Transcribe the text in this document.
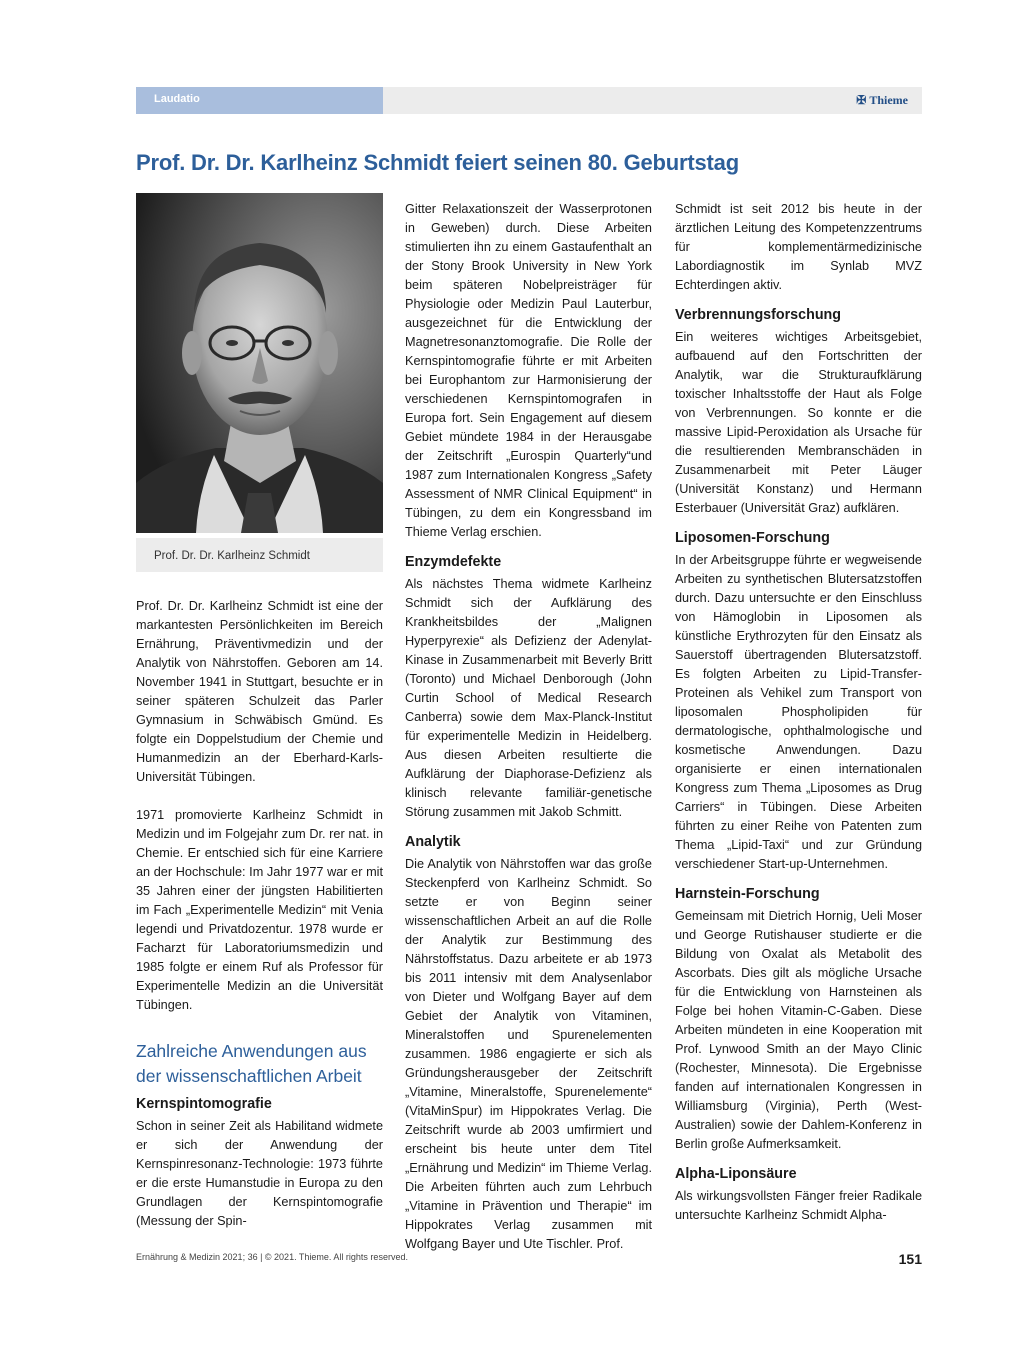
Laudatio	✠ Thieme
Prof. Dr. Dr. Karlheinz Schmidt feiert seinen 80. Geburtstag
Prof. Dr. Dr. Karlheinz Schmidt

Prof. Dr. Dr. Karlheinz Schmidt ist eine der markantesten Persönlichkeiten im Bereich Ernährung, Präventivmedizin und der Analytik von Nährstoffen. Geboren am 14. November 1941 in Stuttgart, besuchte er in seiner späteren Schulzeit das Parler Gymnasium in Schwäbisch Gmünd. Es folgte ein Doppelstudium der Chemie und Humanmedizin an der Eberhard-Karls-Universität Tübingen.

1971 promovierte Karlheinz Schmidt in Medizin und im Folgejahr zum Dr. rer nat. in Chemie. Er entschied sich für eine Karriere an der Hochschule: Im Jahr 1977 war er mit 35 Jahren einer der jüngsten Habilitierten im Fach „Experimentelle Medizin“ mit Venia legendi und Privatdozentur. 1978 wurde er Facharzt für Laboratoriumsmedizin und 1985 folgte er einem Ruf als Professor für Experimentelle Medizin an die Universität Tübingen.

Zahlreiche Anwendungen aus der wissenschaftlichen Arbeit
Kernspintomografie

Schon in seiner Zeit als Habilitand widmete er sich der Anwendung der Kernspinresonanz-Technologie: 1973 führte er die erste Humanstudie in Europa zu den Grundlagen der Kernspintomografie (Messung der Spin-

Gitter Relaxationszeit der Wasserprotonen in Geweben) durch. Diese Arbeiten stimulierten ihn zu einem Gastaufenthalt an der Stony Brook University in New York beim späteren Nobelpreisträger für Physiologie oder Medizin Paul Lauterbur, ausgezeichnet für die Entwicklung der Magnetresonanztomografie. Die Rolle der Kernspintomografie führte er mit Arbeiten bei Europhantom zur Harmonisierung der verschiedenen Kernspintomografen in Europa fort. Sein Engagement auf diesem Gebiet mündete 1984 in der Herausgabe der Zeitschrift „Eurospin Quarterly“und 1987 zum Internationalen Kongress „Safety Assessment of NMR Clinical Equipment“ in Tübingen, zu dem ein Kongressband im Thieme Verlag erschien.

Enzymdefekte

Als nächstes Thema widmete Karlheinz Schmidt sich der Aufklärung des Krankheitsbildes der „Malignen Hyperpyrexie“ als Defizienz der Adenylat-Kinase in Zusammenarbeit mit Beverly Britt (Toronto) und Michael Denborough (John Curtin School of Medical Research Canberra) sowie dem Max-Planck-Institut für experimentelle Medizin in Heidelberg. Aus diesen Arbeiten resultierte die Aufklärung der Diaphorase-Defizienz als klinisch relevante familiär-genetische Störung zusammen mit Jakob Schmitt.

Analytik

Die Analytik von Nährstoffen war das große Steckenpferd von Karlheinz Schmidt. So setzte er von Beginn seiner wissenschaftlichen Arbeit an auf die Rolle der Analytik zur Bestimmung des Nährstoffstatus. Dazu arbeitete er ab 1973 bis 2011 intensiv mit dem Analysenlabor von Dieter und Wolfgang Bayer auf dem Gebiet der Analytik von Vitaminen, Mineralstoffen und Spurenelementen zusammen. 1986 engagierte er sich als Gründungsherausgeber der Zeitschrift „Vitamine, Mineralstoffe, Spurenelemente“ (VitaMinSpur) im Hippokrates Verlag. Die Zeitschrift wurde ab 2003 umfirmiert und erscheint bis heute unter dem Titel „Ernährung und Medizin“ im Thieme Verlag. Die Arbeiten führten auch zum Lehrbuch „Vitamine in Prävention und Therapie“ im Hippokrates Verlag zusammen mit Wolfgang Bayer und Ute Tischler. Prof.

Schmidt ist seit 2012 bis heute in der ärztlichen Leitung des Kompetenzzentrums für komplementärmedizinische Labordiagnostik im Synlab MVZ Echterdingen aktiv.

Verbrennungsforschung

Ein weiteres wichtiges Arbeitsgebiet, aufbauend auf den Fortschritten der Analytik, war die Strukturaufklärung toxischer Inhaltsstoffe der Haut als Folge von Verbrennungen. So konnte er die massive Lipid-Peroxidation als Ursache für die resultierenden Membranschäden in Zusammenarbeit mit Peter Läuger (Universität Konstanz) und Hermann Esterbauer (Universität Graz) aufklären.

Liposomen-Forschung

In der Arbeitsgruppe führte er wegweisende Arbeiten zu synthetischen Blutersatzstoffen durch. Dazu untersuchte er den Einschluss von Hämoglobin in Liposomen als künstliche Erythrozyten für den Einsatz als Sauerstoff übertragenden Blutersatzstoff. Es folgten Arbeiten zu Lipid-Transfer-Proteinen als Vehikel zum Transport von liposomalen Phospholipiden für dermatologische, ophthalmologische und kosmetische Anwendungen. Dazu organisierte er einen internationalen Kongress zum Thema „Liposomes as Drug Carriers“ in Tübingen. Diese Arbeiten führten zu einer Reihe von Patenten zum Thema „Lipid-Taxi“ und zur Gründung verschiedener Start-up-Unternehmen.

Harnstein-Forschung

Gemeinsam mit Dietrich Hornig, Ueli Moser und George Rutishauser studierte er die Bildung von Oxalat als Metabolit des Ascorbats. Dies gilt als mögliche Ursache für die Entwicklung von Harnsteinen als Folge bei hohen Vitamin-C-Gaben. Diese Arbeiten mündeten in eine Kooperation mit Prof. Lynwood Smith an der Mayo Clinic (Rochester, Minnesota). Die Ergebnisse fanden auf internationalen Kongressen in Williamsburg (Virginia), Perth (West-Australien) sowie der Dahlem-Konferenz in Berlin große Aufmerksamkeit.

Alpha-Liponsäure

Als wirkungsvollsten Fänger freier Radikale untersuchte Karlheinz Schmidt Alpha-

Ernährung & Medizin 2021; 36 | © 2021. Thieme. All rights reserved.	151
